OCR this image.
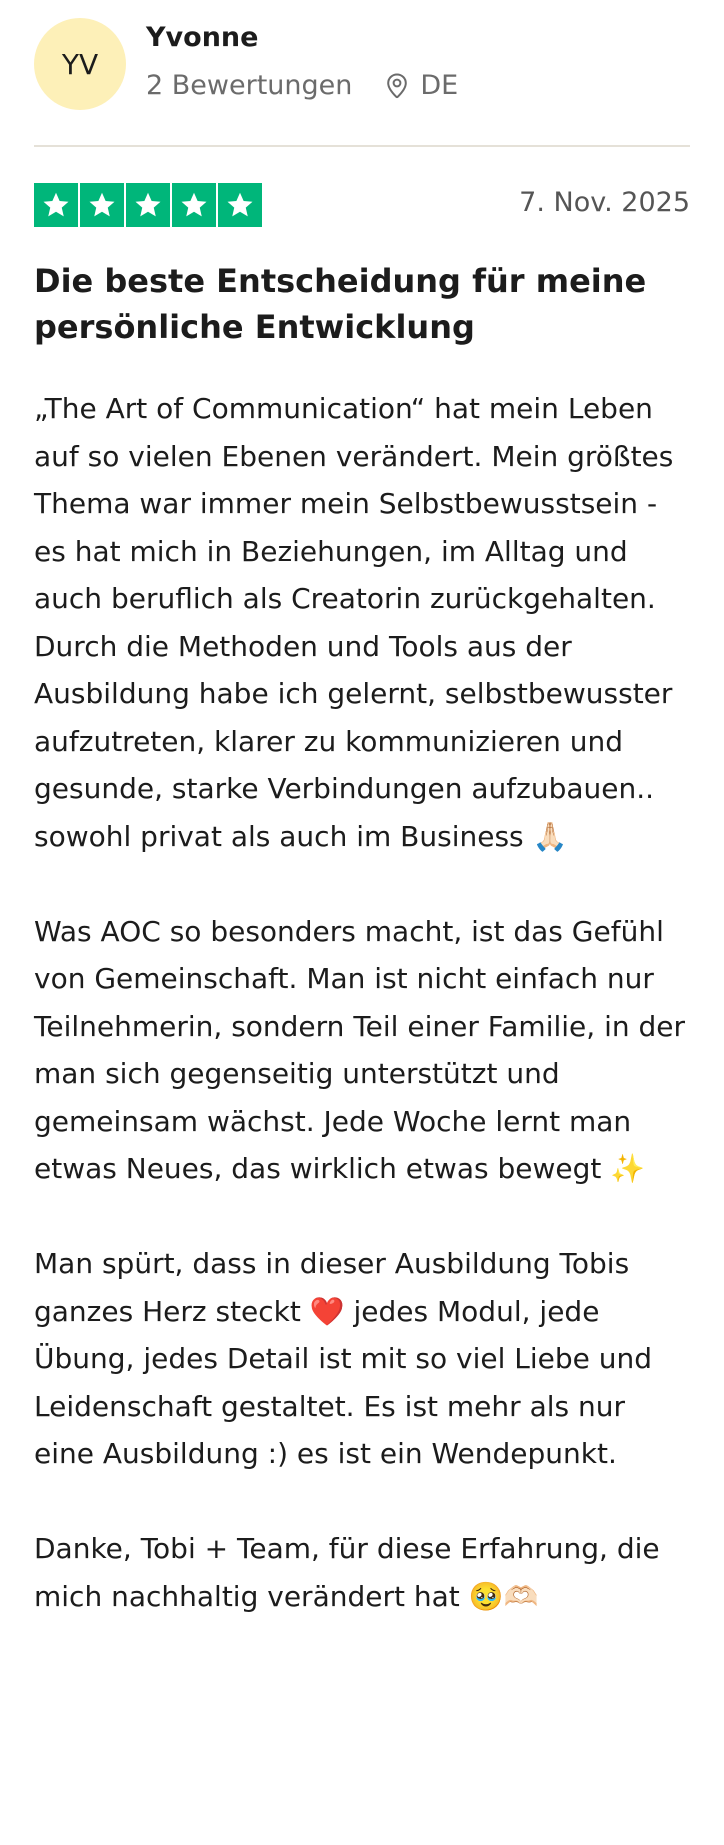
YV
Yvonne
2 Bewertungen	DE
7. Nov. 2025
Die beste Entscheidung für meine persönliche Entwicklung

„The Art of Communication“ hat mein Leben auf so vielen Ebenen verändert. Mein größtes Thema war immer mein Selbstbewusstsein - es hat mich in Beziehungen, im Alltag und auch beruflich als Creatorin zurückgehalten. Durch die Methoden und Tools aus der Ausbildung habe ich gelernt, selbstbewusster aufzutreten, klarer zu kommunizieren und gesunde, starke Verbindungen aufzubauen.. sowohl privat als auch im Business 🙏🏻

Was AOC so besonders macht, ist das Gefühl von Gemeinschaft. Man ist nicht einfach nur Teilnehmerin, sondern Teil einer Familie, in der man sich gegenseitig unterstützt und gemeinsam wächst. Jede Woche lernt man etwas Neues, das wirklich etwas bewegt ✨

Man spürt, dass in dieser Ausbildung Tobis ganzes Herz steckt ❤️ jedes Modul, jede Übung, jedes Detail ist mit so viel Liebe und Leidenschaft gestaltet. Es ist mehr als nur eine Ausbildung :) es ist ein Wendepunkt.

Danke, Tobi + Team, für diese Erfahrung, die mich nachhaltig verändert hat 🥹🫶🏻
